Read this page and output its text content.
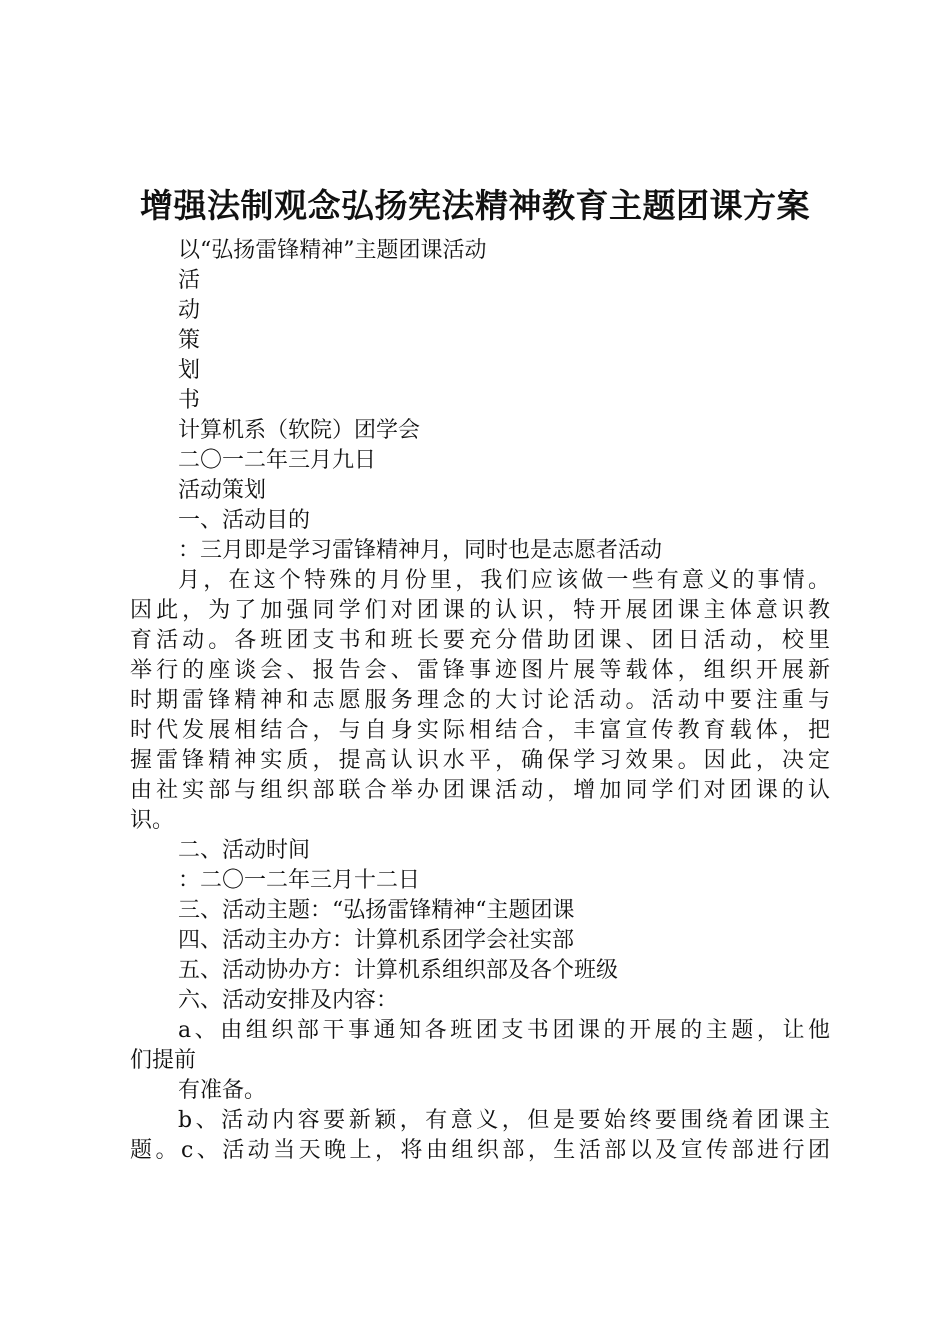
增强法制观念弘扬宪法精神教育主题团课方案
以“弘扬雷锋精神”主题团课活动
活
动
策
划
书
计算机系（软院）团学会
二〇一二年三月九日
活动策划
一、活动目的
：三月即是学习雷锋精神月，同时也是志愿者活动
月，在这个特殊的月份里，我们应该做一些有意义的事情。
因此，为了加强同学们对团课的认识，特开展团课主体意识教
育活动。各班团支书和班长要充分借助团课、团日活动，校里
举行的座谈会、报告会、雷锋事迹图片展等载体，组织开展新
时期雷锋精神和志愿服务理念的大讨论活动。活动中要注重与
时代发展相结合，与自身实际相结合，丰富宣传教育载体，把
握雷锋精神实质，提高认识水平，确保学习效果。因此，决定
由社实部与组织部联合举办团课活动，增加同学们对团课的认
识。
二、活动时间
：二〇一二年三月十二日
三、活动主题：“弘扬雷锋精神“主题团课
四、活动主办方：计算机系团学会社实部
五、活动协办方：计算机系组织部及各个班级
六、活动安排及内容：
a、由组织部干事通知各班团支书团课的开展的主题，让他
们提前
有准备。
b、活动内容要新颖，有意义，但是要始终要围绕着团课主
题。c、活动当天晚上，将由组织部，生活部以及宣传部进行团
